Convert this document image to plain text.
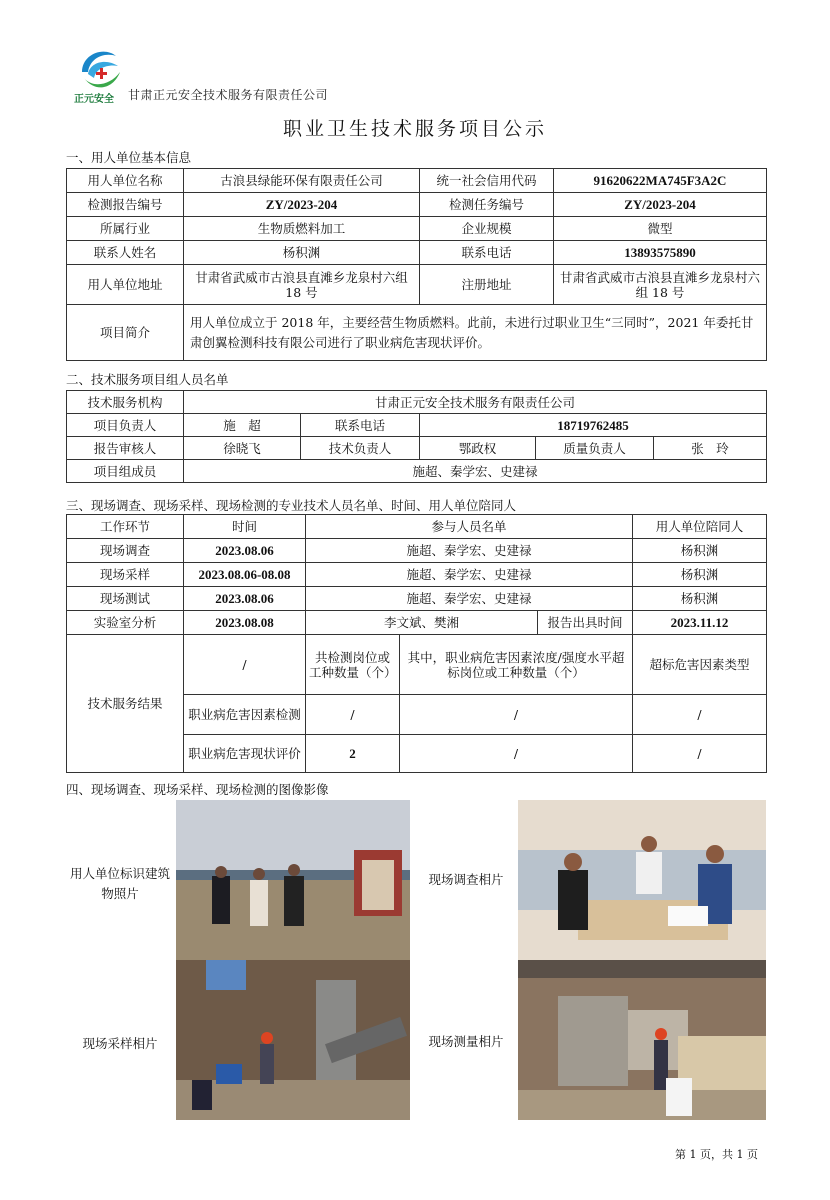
正元安全 甘肃正元安全技术服务有限责任公司
职业卫生技术服务项目公示
一、用人单位基本信息
用人单位名称	古浪县绿能环保有限责任公司	统一社会信用代码	91620622MA745F3A2C
检测报告编号	ZY/2023-204	检测任务编号	ZY/2023-204
所属行业	生物质燃料加工	企业规模	微型
联系人姓名	杨积渊	联系电话	13893575890
用人单位地址	甘肃省武威市古浪县直滩乡龙泉村六组 18 号	注册地址	甘肃省武威市古浪县直滩乡龙泉村六组 18 号
项目简介	用人单位成立于 2018 年，主要经营生物质燃料。此前，未进行过职业卫生“三同时”，2021 年委托甘肃创翼检测科技有限公司进行了职业病危害现状评价。		
二、技术服务项目组人员名单
技术服务机构	甘肃正元安全技术服务有限责任公司				
项目负责人	施　超	联系电话	18719762485		
报告审核人	徐晓飞	技术负责人	鄂政权	质量负责人	张　玲
项目组成员	施超、秦学宏、史建禄				
三、现场调查、现场采样、现场检测的专业技术人员名单、时间、用人单位陪同人
工作环节	时间	参与人员名单			用人单位陪同人
现场调查	2023.08.06	施超、秦学宏、史建禄			杨积渊
现场采样	2023.08.06-08.08	施超、秦学宏、史建禄			杨积渊
现场测试	2023.08.06	施超、秦学宏、史建禄			杨积渊
实验室分析	2023.08.08	李文斌、樊湘		报告出具时间	2023.11.12
技术服务结果	/	共检测岗位或工种数量（个）	其中，职业病危害因素浓度/强度水平超标岗位或工种数量（个）		超标危害因素类型
	职业病危害因素检测	/	/		/
	职业病危害现状评价	2	/		/
四、现场调查、现场采样、现场检测的图像影像
用人单位标识建筑物照片
现场调查相片
现场采样相片	现场测量相片
第 1 页，共 1 页
